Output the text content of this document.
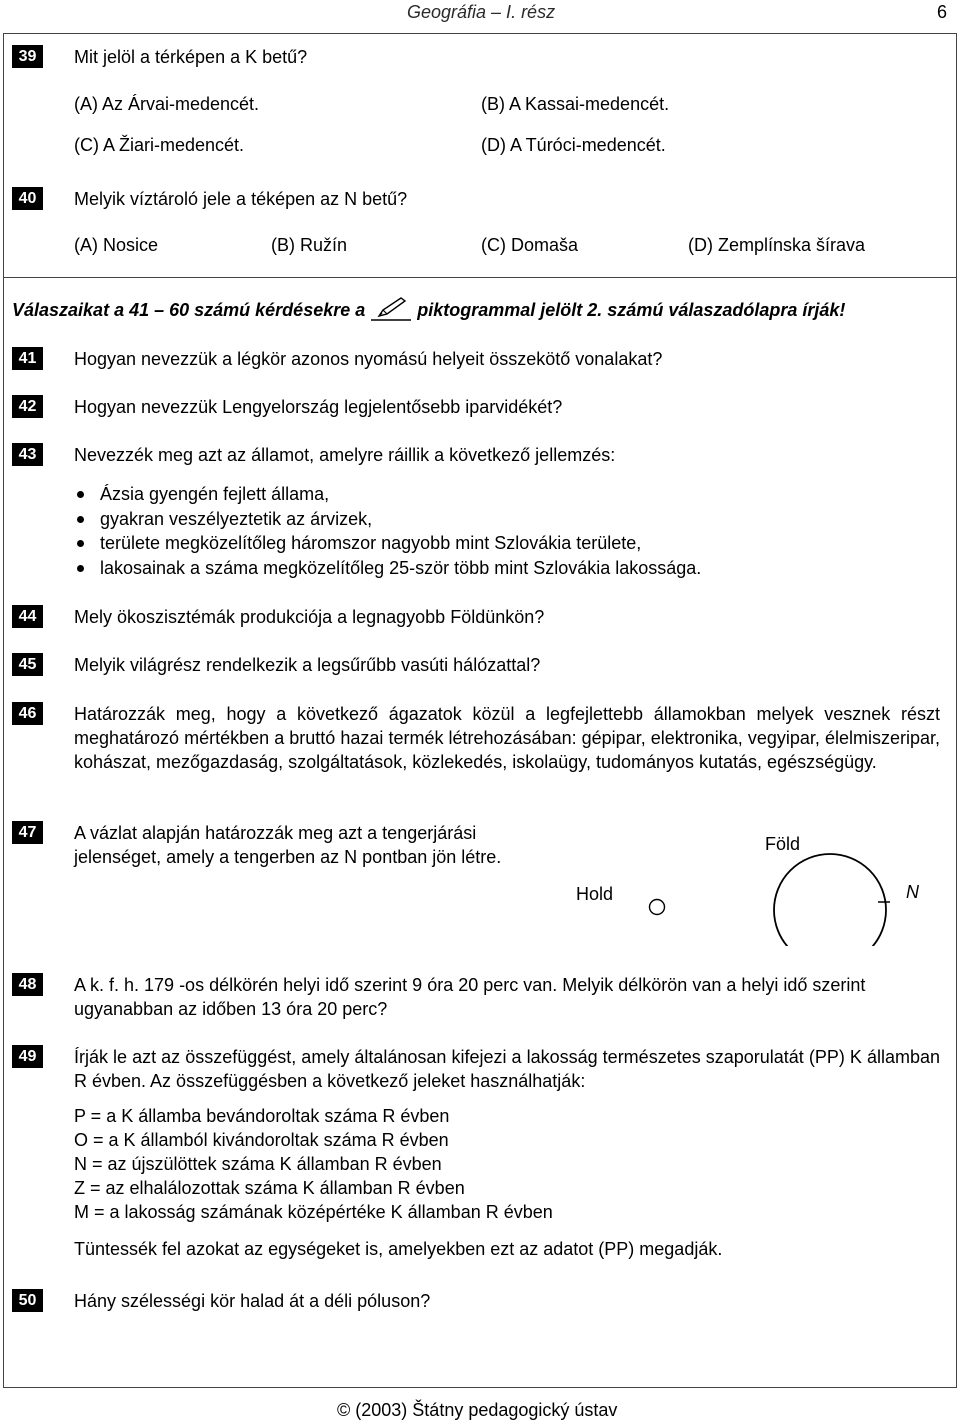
Geográfia – I. rész	6
39	Mit jelöl a térképen a K betű?
(A) Az Árvai-medencét.	(B) A Kassai-medencét.
(C) A Žiari-medencét.	(D) A Túróci-medencét.
40	Melyik víztároló jele a téképen az N betű?
(A) Nosice	(B) Ružín	(C) Domaša	(D) Zemplínska šírava
Válaszaikat a 41 – 60 számú kérdésekre a	piktogrammal jelölt 2. számú válaszadólapra írják!
41	Hogyan nevezzük a légkör azonos nyomású helyeit összekötő vonalakat?
42	Hogyan nevezzük Lengyelország legjelentősebb iparvidékét?
43	Nevezzék meg azt az államot, amelyre ráillik a következő jellemzés:
Ázsia gyengén fejlett állama,
gyakran veszélyeztetik az árvizek,
területe megközelítőleg háromszor nagyobb mint Szlovákia területe,
lakosainak a száma megközelítőleg 25-ször több mint Szlovákia lakossága.
44	Mely ökoszisztémák produkciója a legnagyobb Földünkön?
45	Melyik világrész rendelkezik a legsűrűbb vasúti hálózattal?
46	Határozzák meg, hogy a következő ágazatok közül a legfejlettebb államokban melyek vesznek részt meghatározó mértékben a bruttó hazai termék létrehozásában: gépipar, elektronika, vegyipar, élelmiszeripar, kohászat, mezőgazdaság, szolgáltatások, közlekedés, iskolaügy, tudományos kutatás, egészségügy.
47	A vázlat alapján határozzák meg azt a tengerjárási
jelenséget, amely a tengerben az N pontban jön létre.
Föld
Hold	N
48	A k. f. h. 179 -os délkörén helyi idő szerint 9 óra 20 perc van. Melyik délkörön van a helyi idő szerint ugyanabban az időben 13 óra 20 perc?
49	Írják le azt az összefüggést, amely általánosan kifejezi a lakosság természetes szaporulatát (PP) K államban R évben. Az összefüggésben a következő jeleket használhatják:
P = a K államba bevándoroltak száma R évben
O = a K államból kivándoroltak száma R évben
N = az újszülöttek száma K államban R évben
Z = az elhalálozottak száma K államban R évben
M = a lakosság számának középértéke K államban R évben
Tüntessék fel azokat az egységeket is, amelyekben ezt az adatot (PP) megadják.
50	Hány szélességi kör halad át a déli póluson?
© (2003) Štátny pedagogický ústav
